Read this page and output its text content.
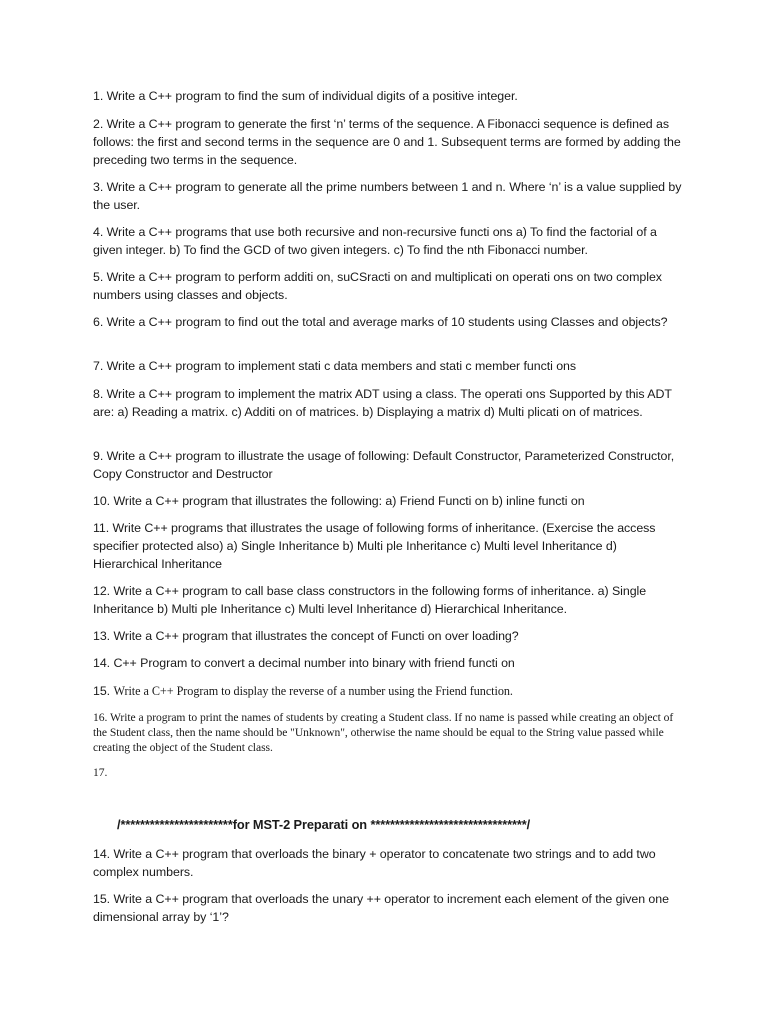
1. Write a C++ program to find the sum of individual digits of a positive integer.

2. Write a C++ program to generate the first ‘n’ terms of the sequence. A Fibonacci sequence is defined as follows: the first and second terms in the sequence are 0 and 1. Subsequent terms are formed by adding the preceding two terms in the sequence.

3. Write a C++ program to generate all the prime numbers between 1 and n. Where ‘n’ is a value supplied by the user.

4. Write a C++ programs that use both recursive and non-recursive functi ons a) To find the factorial of a given integer. b) To find the GCD of two given integers. c) To find the nth Fibonacci number.

5. Write a C++ program to perform additi on, suCSracti on and multiplicati on operati ons on two complex numbers using classes and objects.

6. Write a C++ program to find out the total and average marks of 10 students using Classes and objects?

7. Write a C++ program to implement stati c data members and stati c member functi ons

8. Write a C++ program to implement the matrix ADT using a class. The operati ons Supported by this ADT are: a) Reading a matrix. c) Additi on of matrices. b) Displaying a matrix d) Multi plicati on of matrices.

9. Write a C++ program to illustrate the usage of following: Default Constructor, Parameterized Constructor, Copy Constructor and Destructor

10. Write a C++ program that illustrates the following: a) Friend Functi on b) inline functi on

11. Write C++ programs that illustrates the usage of following forms of inheritance. (Exercise the access specifier protected also) a) Single Inheritance b) Multi ple Inheritance c) Multi level Inheritance d) Hierarchical Inheritance

12. Write a C++ program to call base class constructors in the following forms of inheritance. a) Single Inheritance b) Multi ple Inheritance c) Multi level Inheritance d) Hierarchical Inheritance.

13. Write a C++ program that illustrates the concept of Functi on over loading?

14. C++ Program to convert a decimal number into binary with friend functi on

15. Write a C++ Program to display the reverse of a number using the Friend function.

16. Write a program to print the names of students by creating a Student class. If no name is passed while creating an object of the Student class, then the name should be "Unknown", otherwise the name should be equal to the String value passed while creating the object of the Student class.

17.

/***********************for MST-2 Preparati on ********************************/

14. Write a C++ program that overloads the binary + operator to concatenate two strings and to add two complex numbers.

15. Write a C++ program that overloads the unary ++ operator to increment each element of the given one dimensional array by ‘1’?
